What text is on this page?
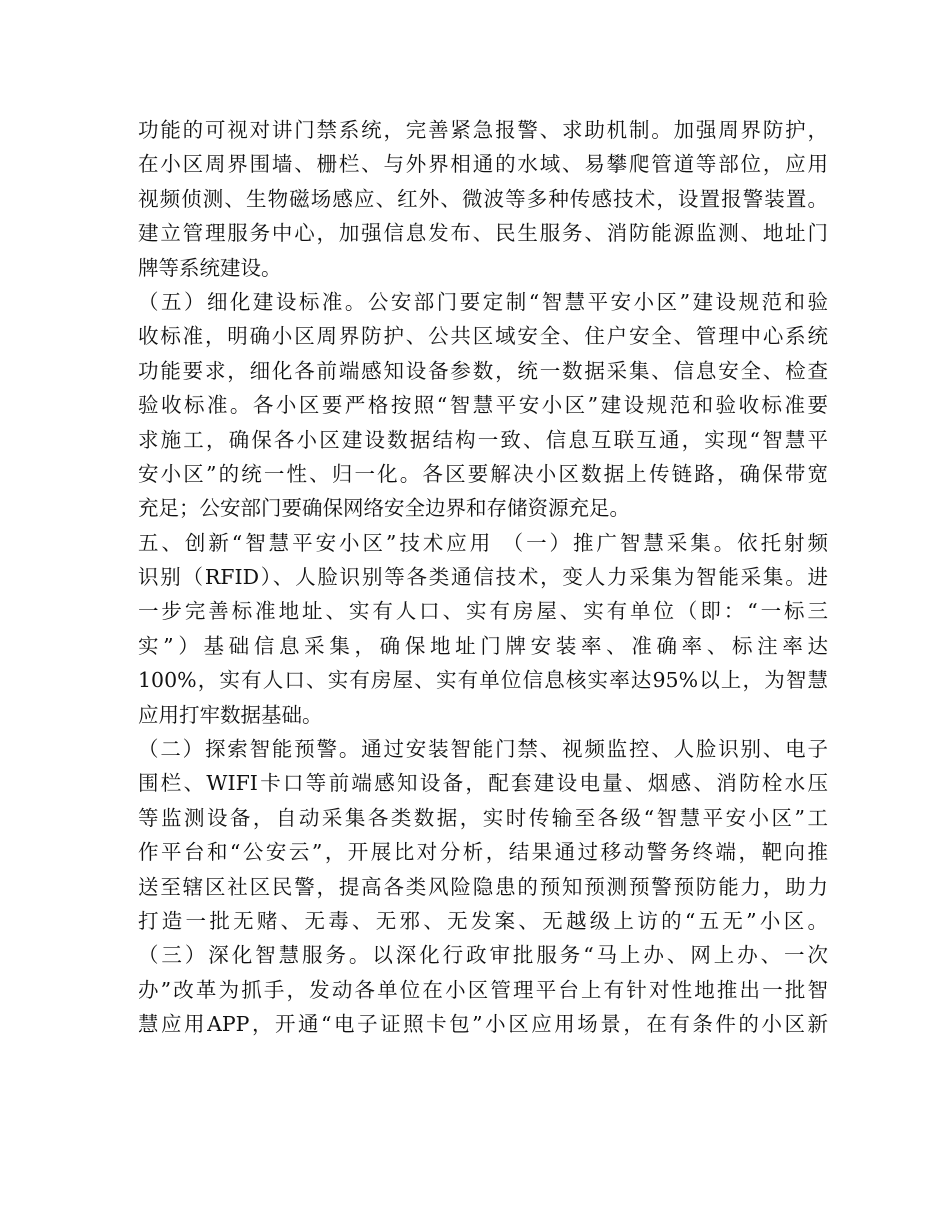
功能的可视对讲门禁系统，完善紧急报警、求助机制。加强周界防护，
在小区周界围墙、栅栏、与外界相通的水域、易攀爬管道等部位，应用
视频侦测、生物磁场感应、红外、微波等多种传感技术，设置报警装置。
建立管理服务中心，加强信息发布、民生服务、消防能源监测、地址门
牌等系统建设。
（五）细化建设标准。公安部门要定制“智慧平安小区”建设规范和验
收标准，明确小区周界防护、公共区域安全、住户安全、管理中心系统
功能要求，细化各前端感知设备参数，统一数据采集、信息安全、检查
验收标准。各小区要严格按照“智慧平安小区”建设规范和验收标准要
求施工，确保各小区建设数据结构一致、信息互联互通，实现“智慧平
安小区”的统一性、归一化。各区要解决小区数据上传链路，确保带宽
充足；公安部门要确保网络安全边界和存储资源充足。
五、创新“智慧平安小区”技术应用 （一）推广智慧采集。依托射频
识别（RFID）、人脸识别等各类通信技术，变人力采集为智能采集。进
一步完善标准地址、实有人口、实有房屋、实有单位（即：“一标三
实”）基础信息采集，确保地址门牌安装率、准确率、标注率达
100%，实有人口、实有房屋、实有单位信息核实率达95%以上，为智慧
应用打牢数据基础。
（二）探索智能预警。通过安装智能门禁、视频监控、人脸识别、电子
围栏、WIFI卡口等前端感知设备，配套建设电量、烟感、消防栓水压
等监测设备，自动采集各类数据，实时传输至各级“智慧平安小区”工
作平台和“公安云”，开展比对分析，结果通过移动警务终端，靶向推
送至辖区社区民警，提高各类风险隐患的预知预测预警预防能力，助力
打造一批无赌、无毒、无邪、无发案、无越级上访的“五无”小区。
（三）深化智慧服务。以深化行政审批服务“马上办、网上办、一次
办”改革为抓手，发动各单位在小区管理平台上有针对性地推出一批智
慧应用APP，开通“电子证照卡包”小区应用场景，在有条件的小区新
